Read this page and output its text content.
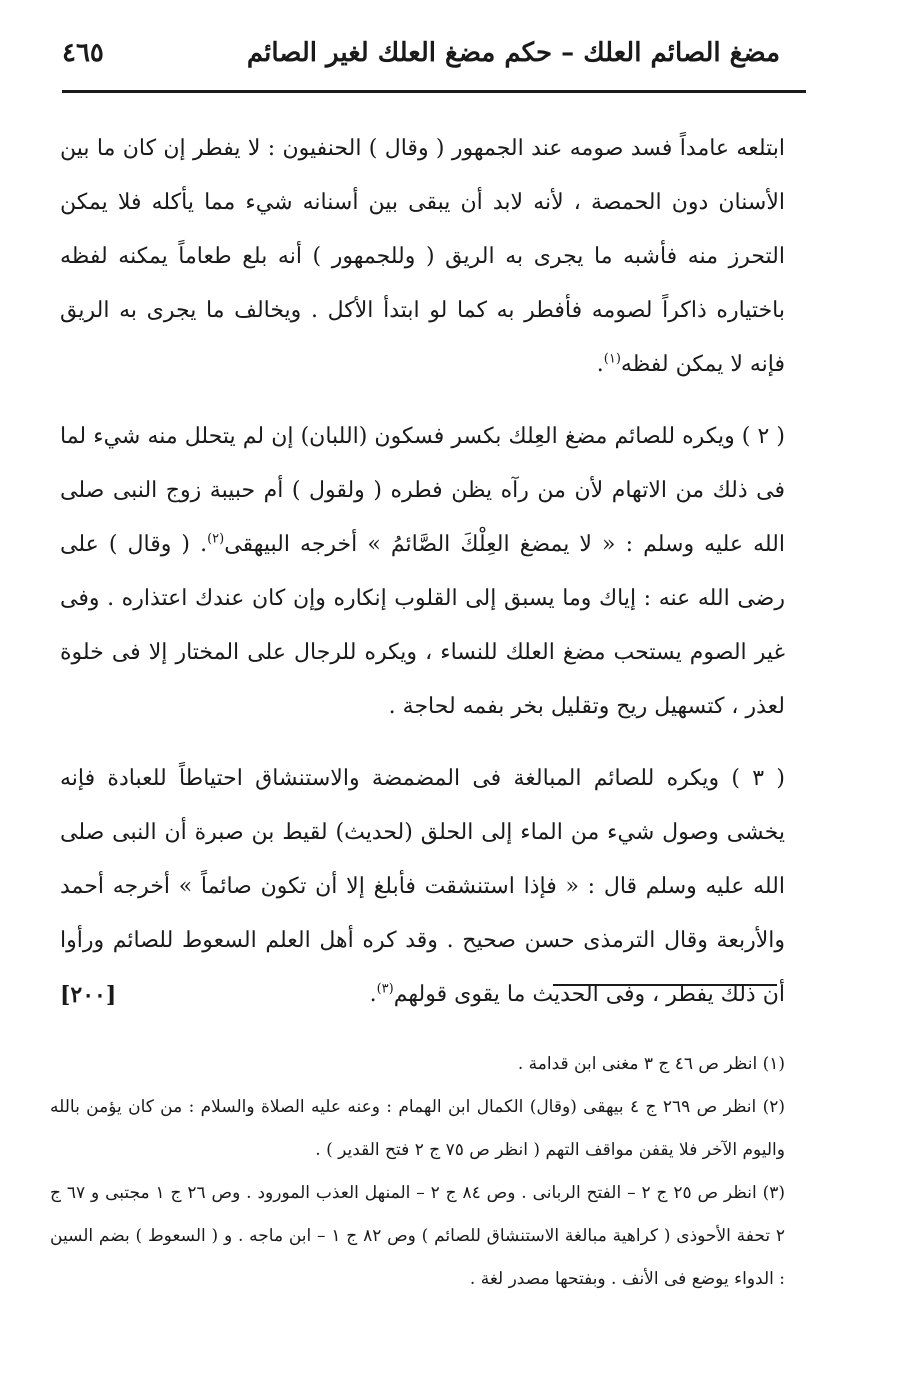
٤٦٥	مضغ الصائم العلك – حكم مضغ العلك لغير الصائم

ابتلعه عامداً فسد صومه عند الجمهور ( وقال ) الحنفيون : لا يفطر إن كان ما بين الأسنان دون الحمصة ، لأنه لابد أن يبقى بين أسنانه شيء مما يأكله فلا يمكن التحرز منه فأشبه ما يجرى به الريق ( وللجمهور ) أنه بلع طعاماً يمكنه لفظه باختياره ذاكراً لصومه فأفطر به كما لو ابتدأ الأكل . ويخالف ما يجرى به الريق فإنه لا يمكن لفظه$^{(١)}$.

( ٢ ) ويكره للصائم مضغ العِلك بكسر فسكون (اللبان) إن لم يتحلل منه شيء لما فى ذلك من الاتهام لأن من رآه يظن فطره ( ولقول ) أم حبيبة زوج النبى صلى الله عليه وسلم : « لا يمضغ العِلْكَ الصَّائمُ » أخرجه البيهقى$^{(٢)}$. ( وقال ) على رضى الله عنه : إياك وما يسبق إلى القلوب إنكاره وإن كان عندك اعتذاره . وفى غير الصوم يستحب مضغ العلك للنساء ، ويكره للرجال على المختار إلا فى خلوة لعذر ، كتسهيل ريح وتقليل بخر بفمه لحاجة .

( ٣ ) ويكره للصائم المبالغة فى المضمضة والاستنشاق احتياطاً للعبادة فإنه يخشى وصول شيء من الماء إلى الحلق (لحديث) لقيط بن صبرة أن النبى صلى الله عليه وسلم قال : « فإذا استنشقت فأبلغ إلا أن تكون صائماً » أخرجه أحمد والأربعة وقال الترمذى حسن صحيح . وقد كره أهل العلم السعوط للصائم ورأوا أن ذلك يفطر ، وفى الحديث ما يقوى قولهم$^{(٣)}$.
[٢٠٠]

(١) انظر ص ٤٦ ج ٣ مغنى ابن قدامة .

(٢) انظر ص ٢٦٩ ج ٤ بيهقى (وقال) الكمال ابن الهمام : وعنه عليه الصلاة والسلام : من كان يؤمن بالله واليوم الآخر فلا يقفن مواقف التهم ( انظر ص ٧٥ ج ٢ فتح القدير ) .

(٣) انظر ص ٢٥ ج ٢ – الفتح الربانى . وص ٨٤ ج ٢ – المنهل العذب المورود . وص ٢٦ ج ١ مجتبى و ٦٧ ج ٢ تحفة الأحوذى ( كراهية مبالغة الاستنشاق للصائم ) وص ٨٢ ج ١ – ابن ماجه . و ( السعوط ) بضم السين : الدواء يوضع فى الأنف . وبفتحها مصدر لغة .
